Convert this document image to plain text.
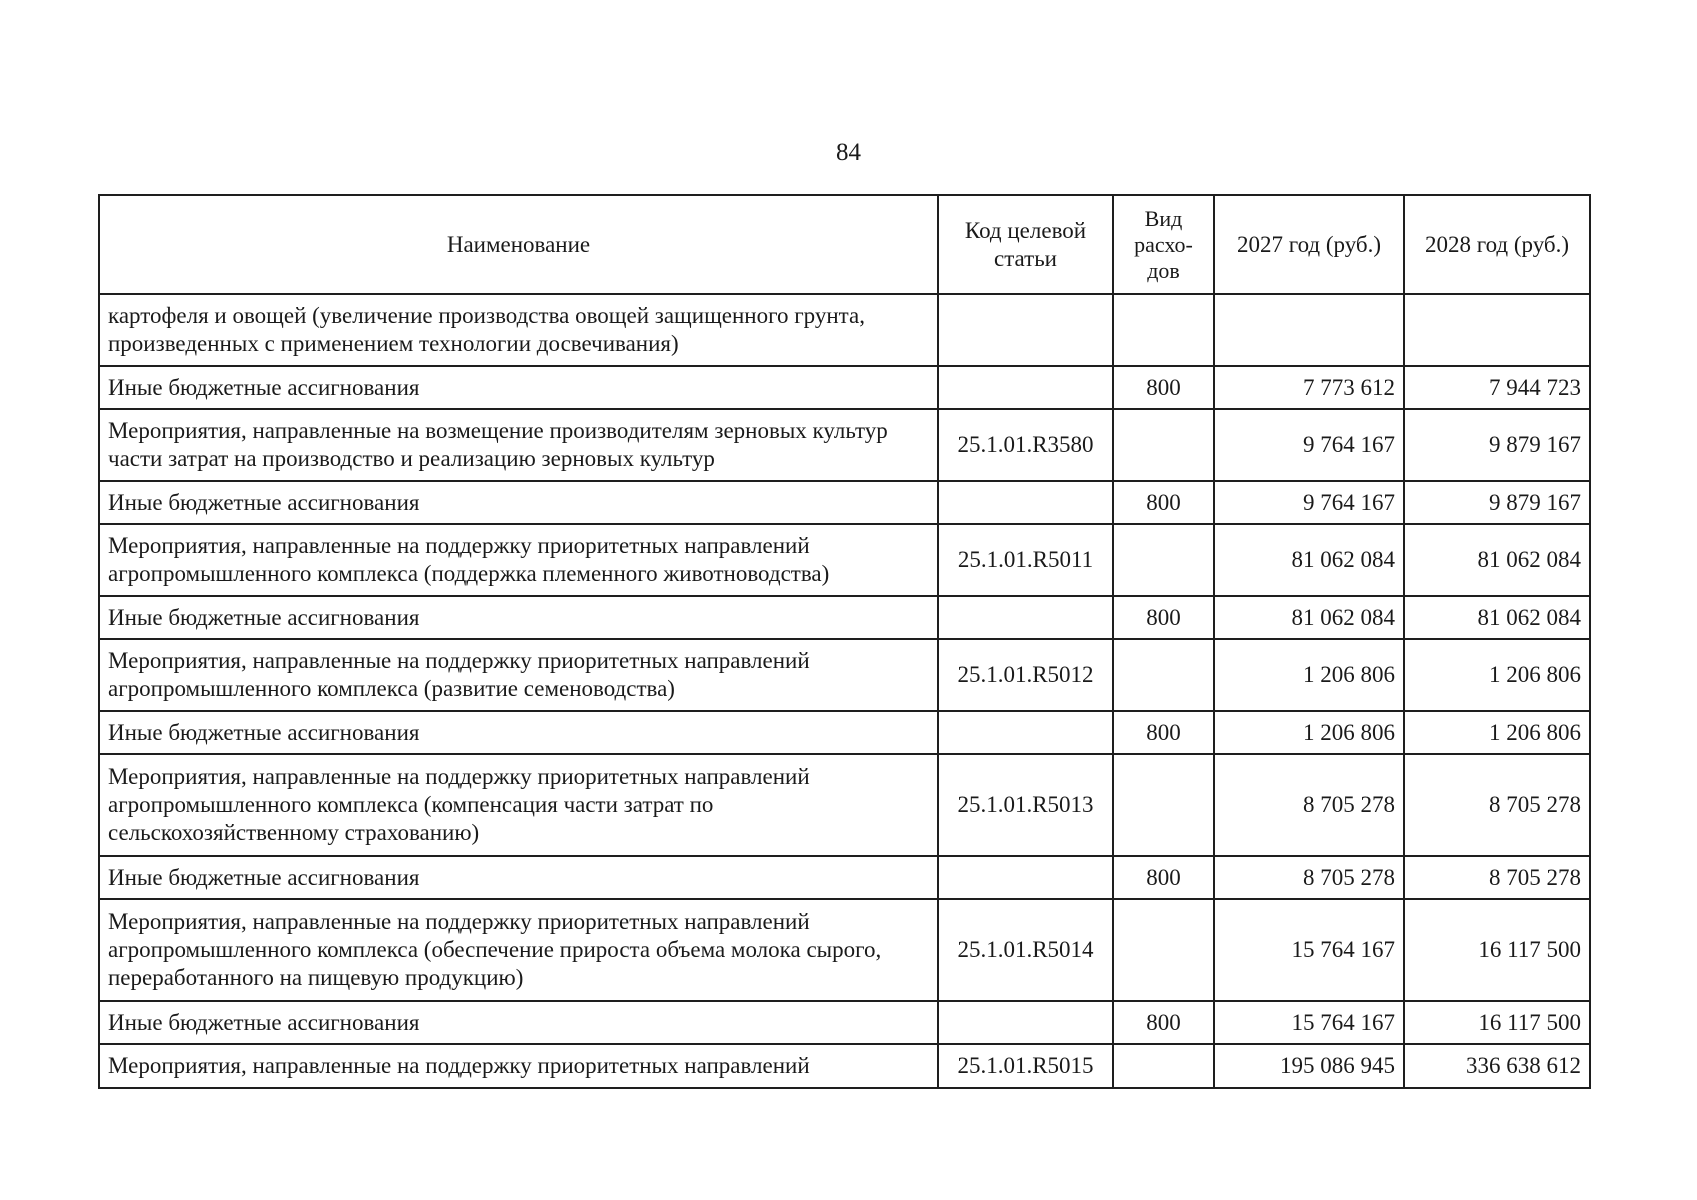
84
Наименование	Код целевой статьи	Вид расхо-дов	2027 год (руб.)	2028 год (руб.)
картофеля и овощей (увеличение производства овощей защищенного грунта, произведенных с применением технологии досвечивания)				
Иные бюджетные ассигнования		800	7 773 612	7 944 723
Мероприятия, направленные на возмещение производителям зерновых культур части затрат на производство и реализацию зерновых культур	25.1.01.R3580		9 764 167	9 879 167
Иные бюджетные ассигнования		800	9 764 167	9 879 167
Мероприятия, направленные на поддержку приоритетных направлений агропромышленного комплекса (поддержка племенного животноводства)	25.1.01.R5011		81 062 084	81 062 084
Иные бюджетные ассигнования		800	81 062 084	81 062 084
Мероприятия, направленные на поддержку приоритетных направлений агропромышленного комплекса (развитие семеноводства)	25.1.01.R5012		1 206 806	1 206 806
Иные бюджетные ассигнования		800	1 206 806	1 206 806
Мероприятия, направленные на поддержку приоритетных направлений агропромышленного комплекса (компенсация части затрат по сельскохозяйственному страхованию)	25.1.01.R5013		8 705 278	8 705 278
Иные бюджетные ассигнования		800	8 705 278	8 705 278
Мероприятия, направленные на поддержку приоритетных направлений агропромышленного комплекса (обеспечение прироста объема молока сырого, переработанного на пищевую продукцию)	25.1.01.R5014		15 764 167	16 117 500
Иные бюджетные ассигнования		800	15 764 167	16 117 500
Мероприятия, направленные на поддержку приоритетных направлений	25.1.01.R5015		195 086 945	336 638 612
